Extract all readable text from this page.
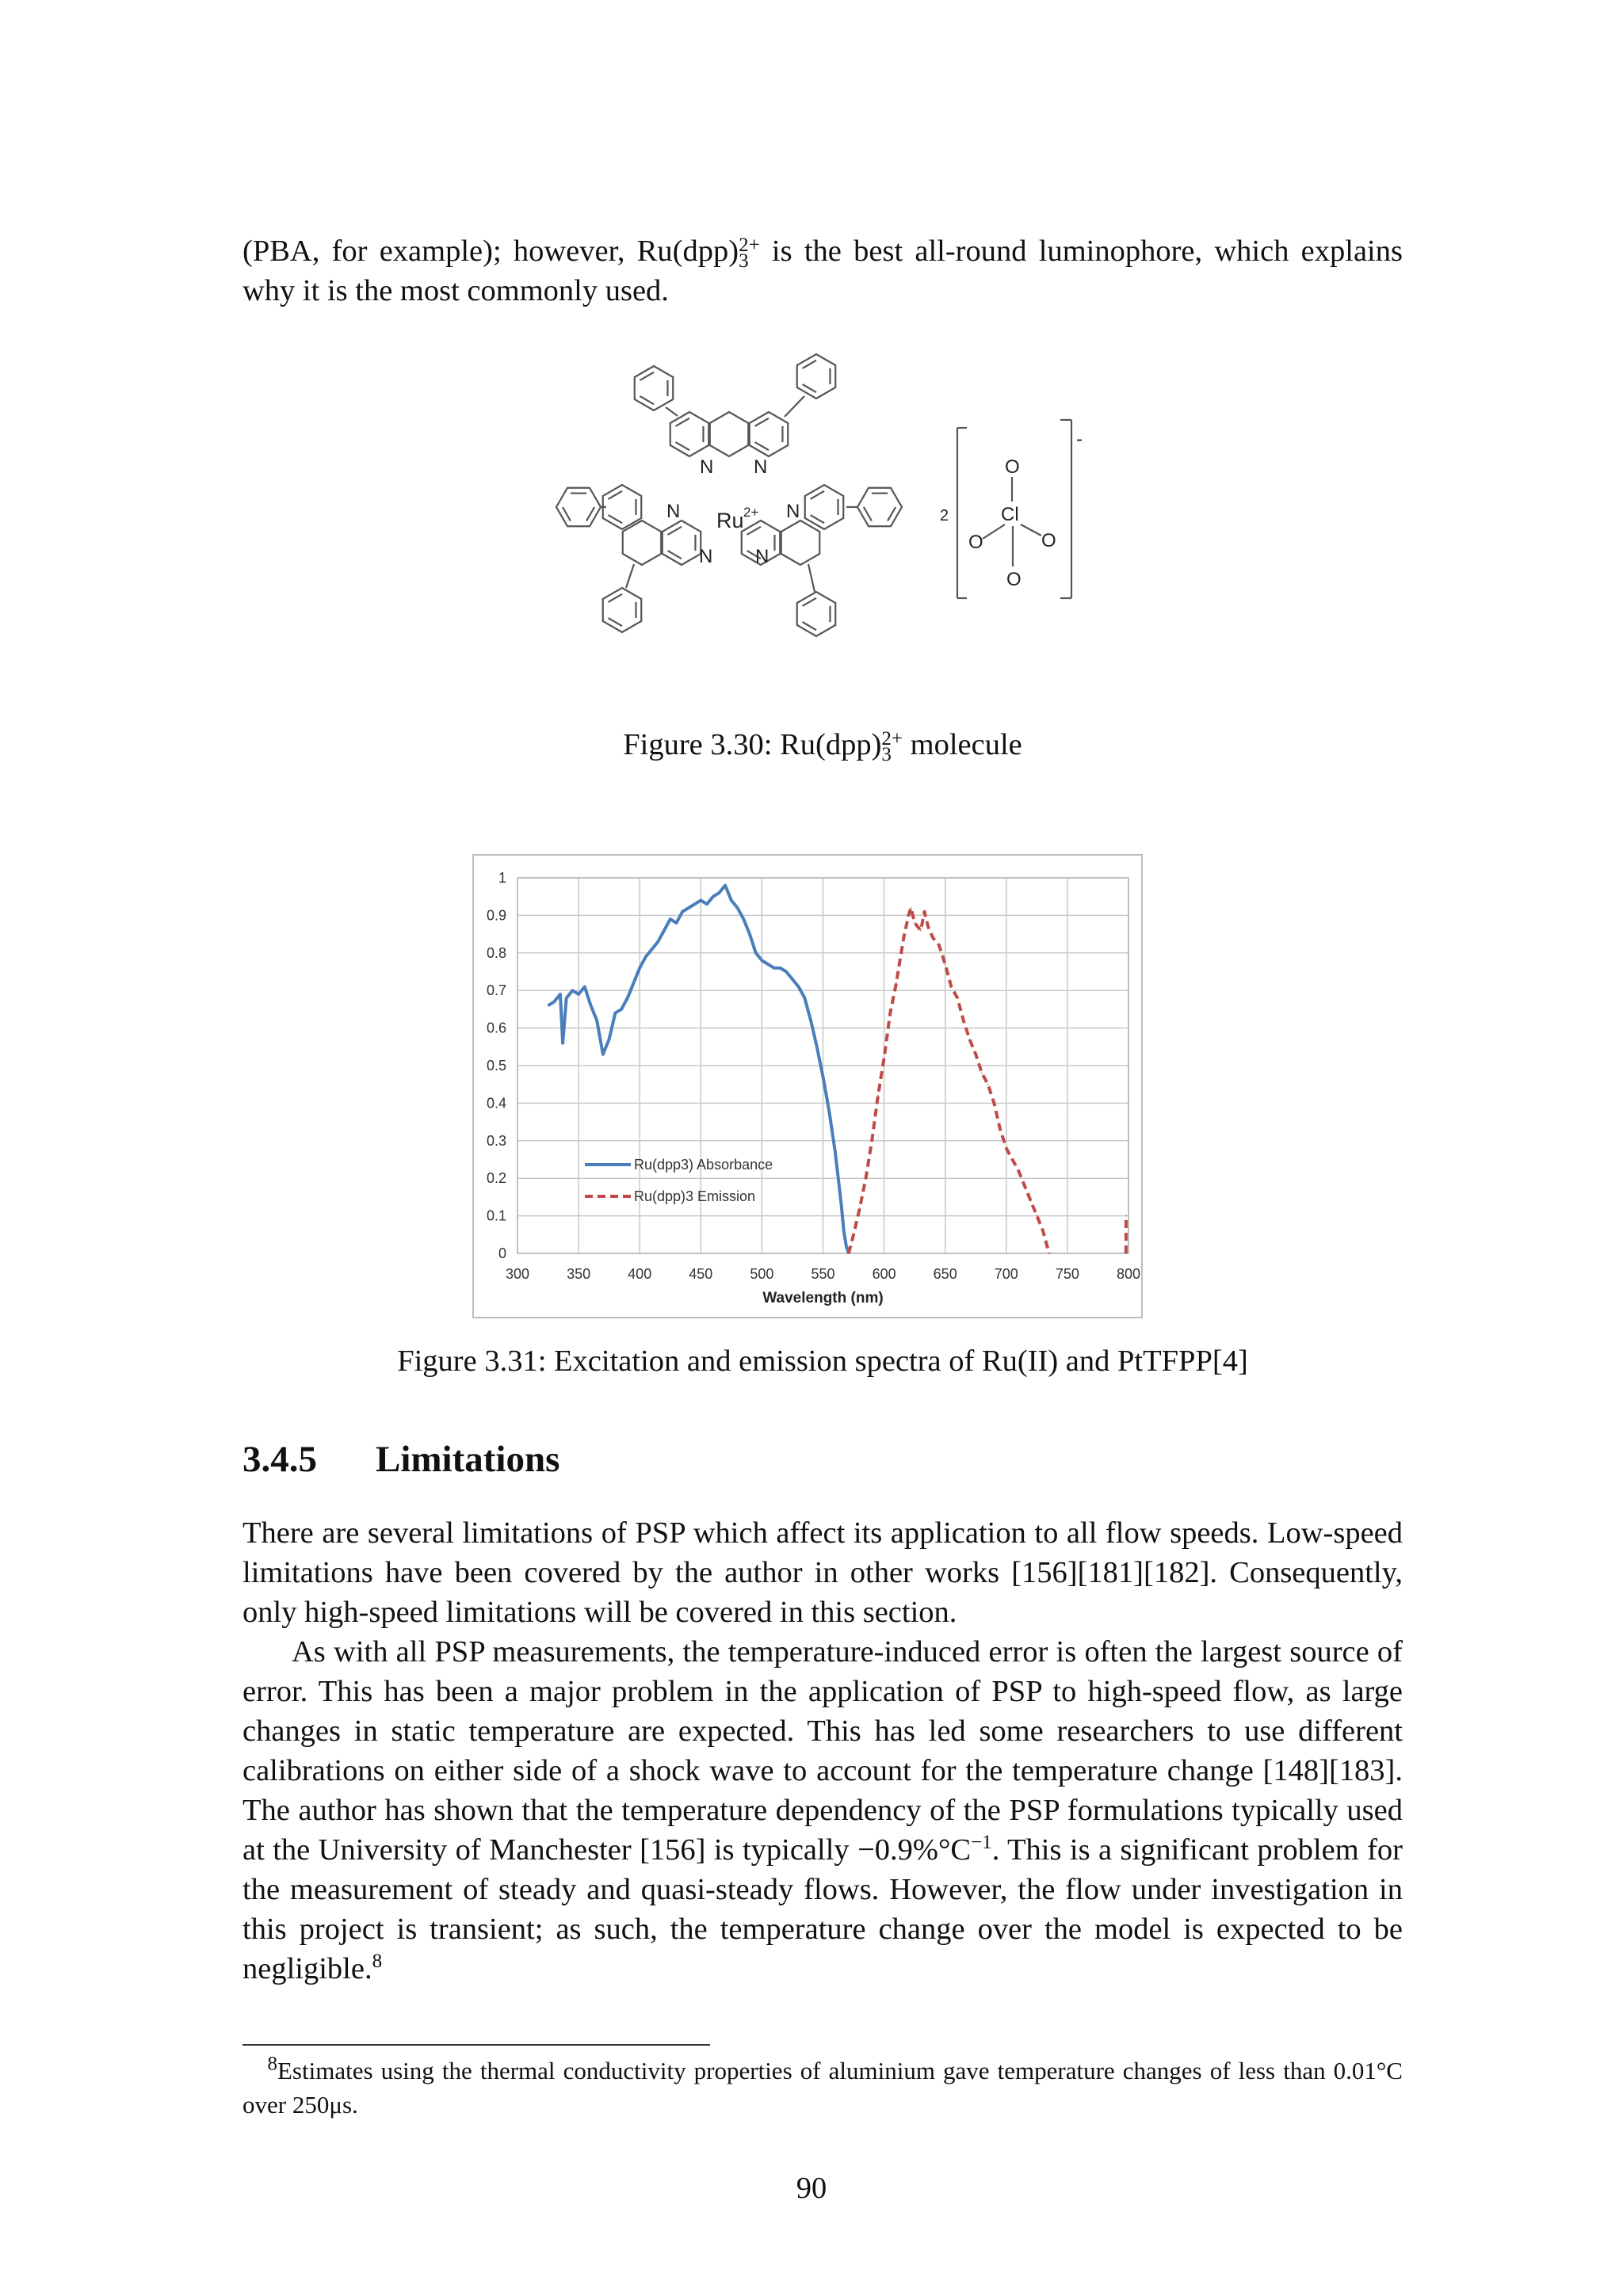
(PBA, for example); however, Ru(dpp) 2+
3 is the best all-round luminophore, which explains why it is the most commonly used.
N N
N	N
N N
Ru 2+	2
O
Cl
O	O
O
-
Figure 3.30: Ru(dpp) 2+
3 molecule
0
0.1
0.2
0.3
0.4
0.5
0.6
0.7
0.8
0.9
1
300	350	400	450	500	550	600	650	700	750	800
Ru(dpp3) Absorbance
Ru(dpp)3 Emission
Wavelength (nm)
Figure 3.31: Excitation and emission spectra of Ru(II) and PtTFPP[4]
3.4.5 Limitations

There are several limitations of PSP which affect its application to all flow speeds. Low-speed limitations have been covered by the author in other works [156][181][182]. Consequently, only high-speed limitations will be covered in this section.

As with all PSP measurements, the temperature-induced error is often the largest source of error. This has been a major problem in the application of PSP to high-speed flow, as large changes in static temperature are expected. This has led some researchers to use different calibrations on either side of a shock wave to account for the temperature change [148][183]. The author has shown that the temperature dependency of the PSP formulations typically used at the University of Manchester [156] is typically $-0.9\%^\circ C^{-1}$. This is a significant problem for the measurement of steady and quasi-steady flows. However, the flow under investigation in this project is transient; as such, the temperature change over the model is expected to be negligible.$^8$

$^8$Estimates using the thermal conductivity properties of aluminium gave temperature changes of less than 0.01°C over 250μs.
90
